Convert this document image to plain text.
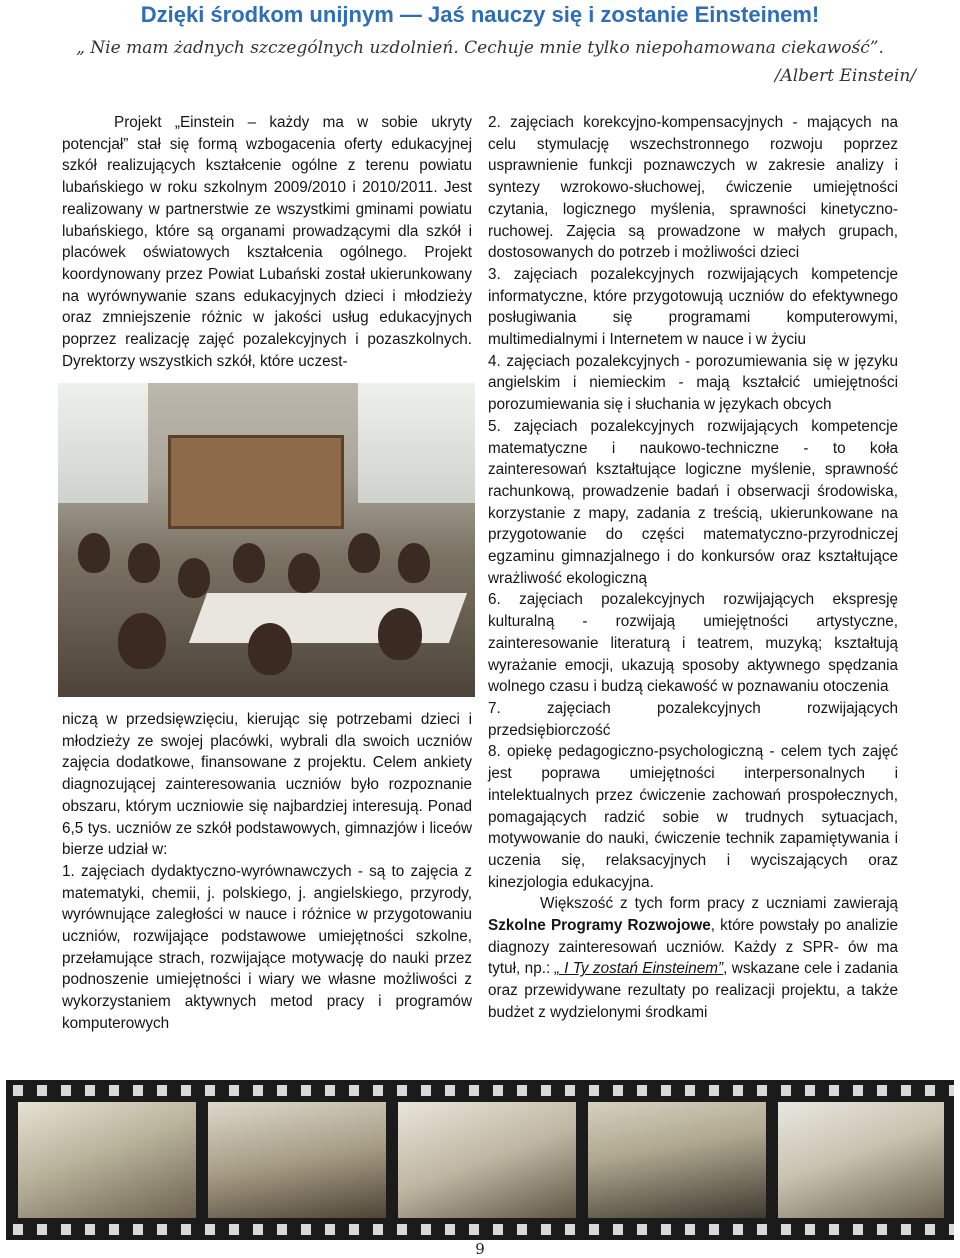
Dzięki środkom unijnym — Jaś nauczy się i zostanie Einsteinem!
„ Nie mam żadnych szczególnych uzdolnień. Cechuje mnie tylko niepohamowana ciekawość”.
/Albert Einstein/

Projekt „Einstein – każdy ma w sobie ukryty potencjał” stał się formą wzbogacenia oferty edukacyjnej szkół realizujących kształcenie ogólne z terenu powiatu lubańskiego w roku szkolnym 2009/2010 i 2010/2011. Jest realizowany w partnerstwie ze wszystkimi gminami powiatu lubańskiego, które są organami prowadzącymi dla szkół i placówek oświatowych kształcenia ogólnego. Projekt koordynowany przez Powiat Lubański został ukierunkowany na wyrównywanie szans edukacyjnych dzieci i młodzieży oraz zmniejszenie różnic w jakości usług edukacyjnych poprzez realizację zajęć pozalekcyjnych i pozaszkolnych. Dyrektorzy wszystkich szkół, które uczest-

niczą w przedsięwzięciu, kierując się potrzebami dzieci i młodzieży ze swojej placówki, wybrali dla swoich uczniów zajęcia dodatkowe, finansowane z projektu. Celem ankiety diagnozującej zainteresowania uczniów było rozpoznanie obszaru, którym uczniowie się najbardziej interesują. Ponad 6,5 tys. uczniów ze szkół podstawowych, gimnazjów i liceów bierze udział w:

1. zajęciach dydaktyczno-wyrównawczych - są to zajęcia z matematyki, chemii, j. polskiego, j. angielskiego, przyrody, wyrównujące zaległości w nauce i różnice w przygotowaniu uczniów, rozwijające podstawowe umiejętności szkolne, przełamujące strach, rozwijające motywację do nauki przez podnoszenie umiejętności i wiary we własne możliwości z wykorzystaniem aktywnych metod pracy i programów komputerowych

2. zajęciach korekcyjno-kompensacyjnych - mających na celu stymulację wszechstronnego rozwoju poprzez usprawnienie funkcji poznawczych w zakresie analizy i syntezy wzrokowo-słuchowej, ćwiczenie umiejętności czytania, logicznego myślenia, sprawności kinetyczno-ruchowej. Zajęcia są prowadzone w małych grupach, dostosowanych do potrzeb i możliwości dzieci

3. zajęciach pozalekcyjnych rozwijających kompetencje informatyczne, które przygotowują uczniów do efektywnego posługiwania się programami komputerowymi, multimedialnymi i Internetem w nauce i w życiu

4. zajęciach pozalekcyjnych - porozumiewania się w języku angielskim i niemieckim - mają kształcić umiejętności porozumiewania się i słuchania w językach obcych

5. zajęciach pozalekcyjnych rozwijających kompetencje matematyczne i naukowo-techniczne - to koła zainteresowań kształtujące logiczne myślenie, sprawność rachunkową, prowadzenie badań i obserwacji środowiska, korzystanie z mapy, zadania z treścią, ukierunkowane na przygotowanie do części matematyczno-przyrodniczej egzaminu gimnazjalnego i do konkursów oraz kształtujące wrażliwość ekologiczną

6. zajęciach pozalekcyjnych rozwijających ekspresję kulturalną - rozwijają umiejętności artystyczne, zainteresowanie literaturą i teatrem, muzyką; kształtują wyrażanie emocji, ukazują sposoby aktywnego spędzania wolnego czasu i budzą ciekawość w poznawaniu otoczenia

7. zajęciach pozalekcyjnych rozwijających przedsiębiorczość

8. opiekę pedagogiczno-psychologiczną - celem tych zajęć jest poprawa umiejętności interpersonalnych i intelektualnych przez ćwiczenie zachowań prospołecznych, pomagających radzić sobie w trudnych sytuacjach, motywowanie do nauki, ćwiczenie technik zapamiętywania i uczenia się, relaksacyjnych i wyciszających oraz kinezjologia edukacyjna.

Większość z tych form pracy z uczniami zawierają Szkolne Programy Rozwojowe, które powstały po analizie diagnozy zainteresowań uczniów. Każdy z SPR- ów ma tytuł, np.: „ I Ty zostań Einsteinem”, wskazane cele i zadania oraz przewidywane rezultaty po realizacji projektu, a także budżet z wydzielonymi środkami

9
